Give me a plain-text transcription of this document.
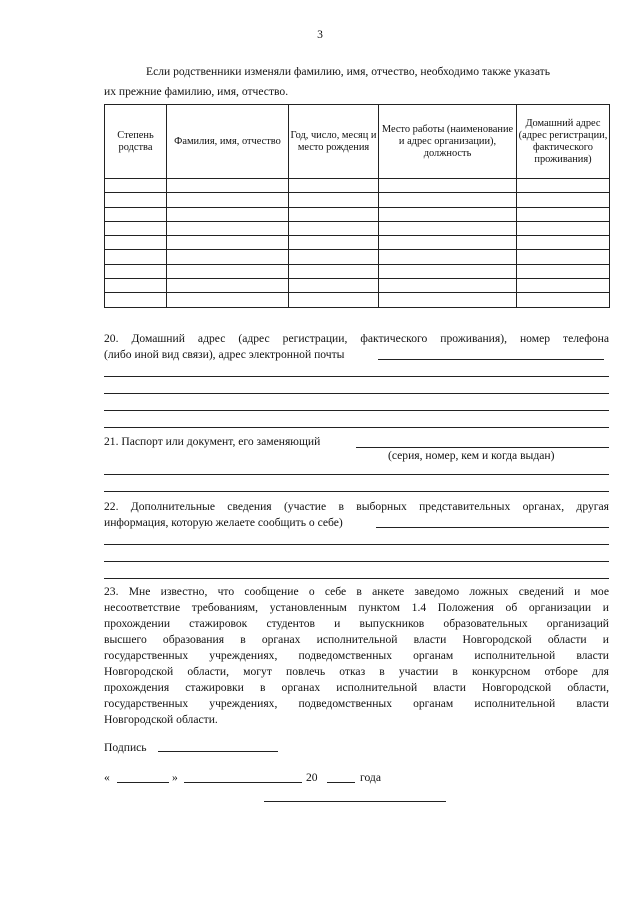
3
Если родственники изменяли фамилию, имя, отчество, необходимо также указать
их прежние фамилию, имя, отчество.
Степень родства	Фамилия, имя, отчество	Год, число, месяц и место рождения	Место работы (наименование и адрес организации), должность	Домашний адрес (адрес регистрации, фактического проживания)

20. Домашний адрес (адрес регистрации, фактического проживания), номер телефона
(либо иной вид связи), адрес электронной почты
21. Паспорт или документ, его заменяющий
(серия, номер, кем и когда выдан)
22. Дополнительные сведения (участие в выборных представительных органах, другая
информация, которую желаете сообщить о себе)
23. Мне известно, что сообщение о себе в анкете заведомо ложных сведений и мое
несоответствие требованиям, установленным пунктом 1.4 Положения об организации и
прохождении стажировок студентов и выпускников образовательных организаций
высшего образования в органах исполнительной власти Новгородской области и
государственных учреждениях, подведомственных органам исполнительной власти
Новгородской области, могут повлечь отказ в участии в конкурсном отборе для
прохождения стажировки в органах исполнительной власти Новгородской области,
государственных учреждениях, подведомственных органам исполнительной власти
Новгородской области.
Подпись
«	»	20	года
